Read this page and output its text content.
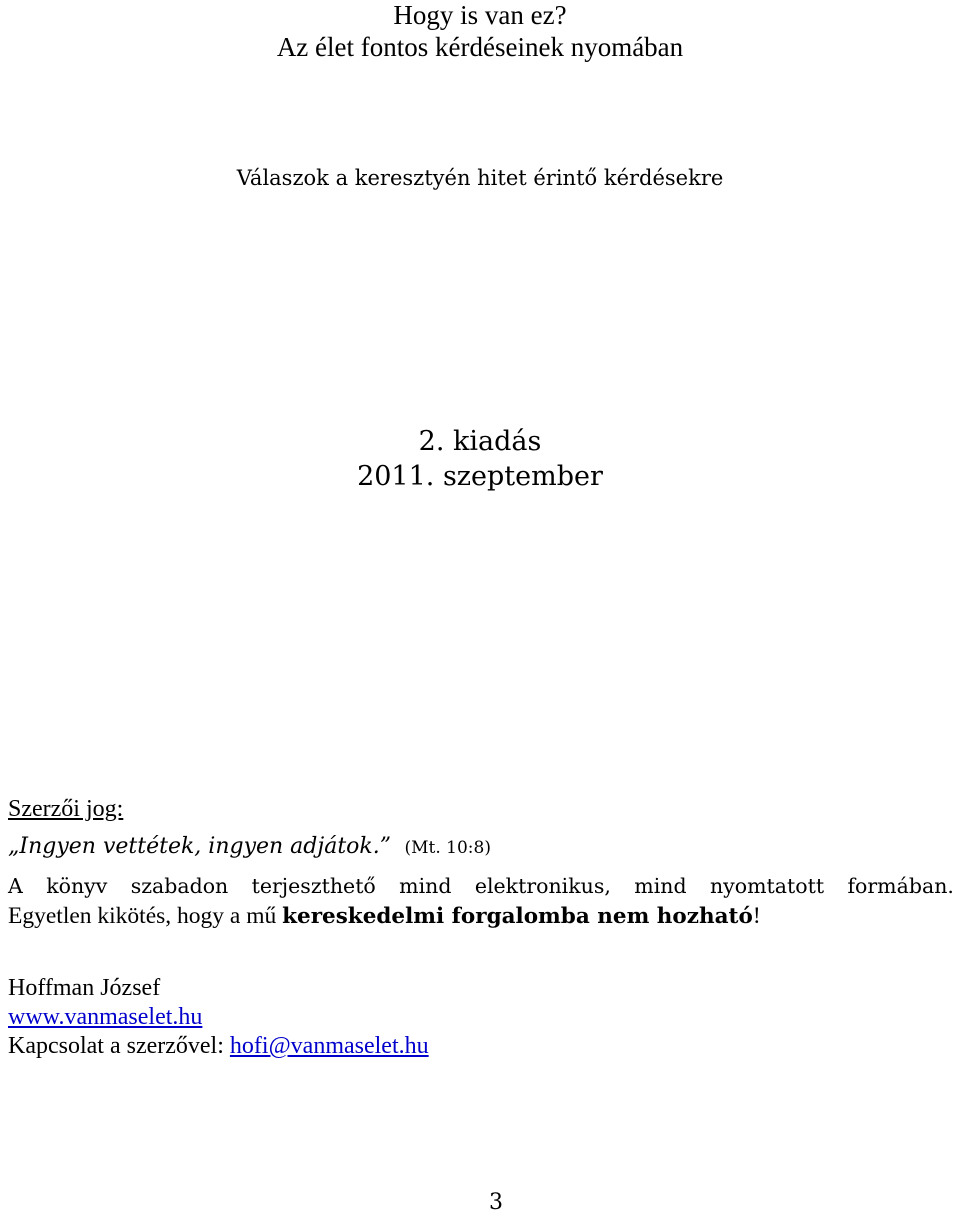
Hogy is van ez?
Az élet fontos kérdéseinek nyomában
Válaszok a keresztyén hitet érintő kérdésekre
2. kiadás
2011. szeptember
Szerzői jog:
„Ingyen vettétek, ingyen adjátok.” (Mt. 10:8)
A könyv szabadon terjeszthető mind elektronikus, mind nyomtatott formában.
Egyetlen kikötés, hogy a mű kereskedelmi forgalomba nem hozható!
Hoffman József
www.vanmaselet.hu
Kapcsolat a szerzővel: hofi@vanmaselet.hu
3
